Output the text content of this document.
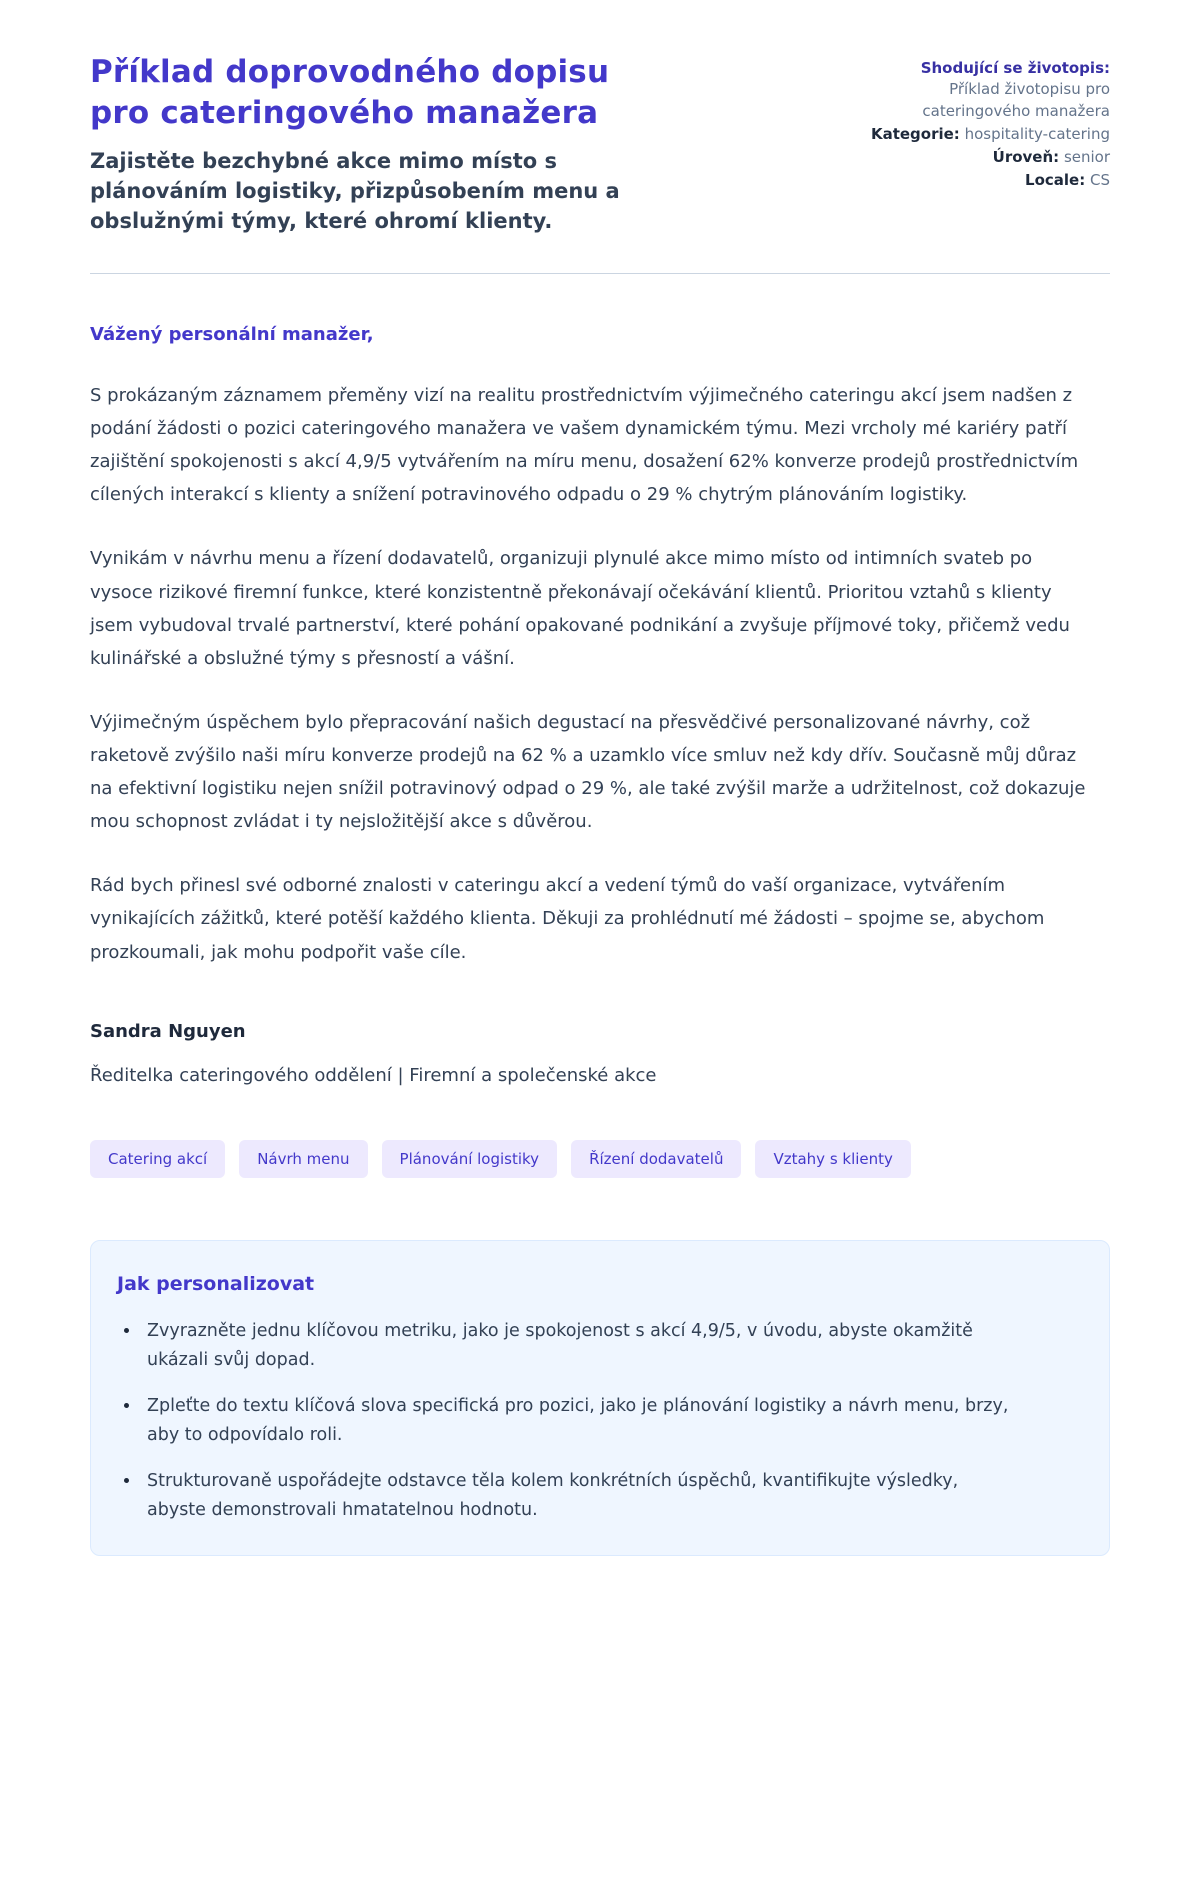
Příklad doprovodného dopisu pro cateringového manažera

Zajistěte bezchybné akce mimo místo s plánováním logistiky, přizpůsobením menu a obslužnými týmy, které ohromí klienty.

Shodující se životopis: Příklad životopisu pro cateringového manažera
Kategorie: hospitality-catering
Úroveň: senior
Locale: CS

Vážený personální manažer,

S prokázaným záznamem přeměny vizí na realitu prostřednictvím výjimečného cateringu akcí jsem nadšen z podání žádosti o pozici cateringového manažera ve vašem dynamickém týmu. Mezi vrcholy mé kariéry patří zajištění spokojenosti s akcí 4,9/5 vytvářením na míru menu, dosažení 62% konverze prodejů prostřednictvím cílených interakcí s klienty a snížení potravinového odpadu o 29 % chytrým plánováním logistiky.

Vynikám v návrhu menu a řízení dodavatelů, organizuji plynulé akce mimo místo od intimních svateb po vysoce rizikové firemní funkce, které konzistentně překonávají očekávání klientů. Prioritou vztahů s klienty jsem vybudoval trvalé partnerství, které pohání opakované podnikání a zvyšuje příjmové toky, přičemž vedu kulinářské a obslužné týmy s přesností a vášní.

Výjimečným úspěchem bylo přepracování našich degustací na přesvědčivé personalizované návrhy, což raketově zvýšilo naši míru konverze prodejů na 62 % a uzamklo více smluv než kdy dřív. Současně můj důraz na efektivní logistiku nejen snížil potravinový odpad o 29 %, ale také zvýšil marže a udržitelnost, což dokazuje mou schopnost zvládat i ty nejsložitější akce s důvěrou.

Rád bych přinesl své odborné znalosti v cateringu akcí a vedení týmů do vaší organizace, vytvářením vynikajících zážitků, které potěší každého klienta. Děkuji za prohlédnutí mé žádosti – spojme se, abychom prozkoumali, jak mohu podpořit vaše cíle.

Sandra Nguyen

Ředitelka cateringového oddělení | Firemní a společenské akce

Catering akcí	Návrh menu	Plánování logistiky	Řízení dodavatelů	Vztahy s klienty
Jak personalizovat
• Zvyrazněte jednu klíčovou metriku, jako je spokojenost s akcí 4,9/5, v úvodu, abyste okamžitě ukázali svůj dopad.
• Zpleťte do textu klíčová slova specifická pro pozici, jako je plánování logistiky a návrh menu, brzy, aby to odpovídalo roli.
• Strukturovaně uspořádejte odstavce těla kolem konkrétních úspěchů, kvantifikujte výsledky, abyste demonstrovali hmatatelnou hodnotu.
